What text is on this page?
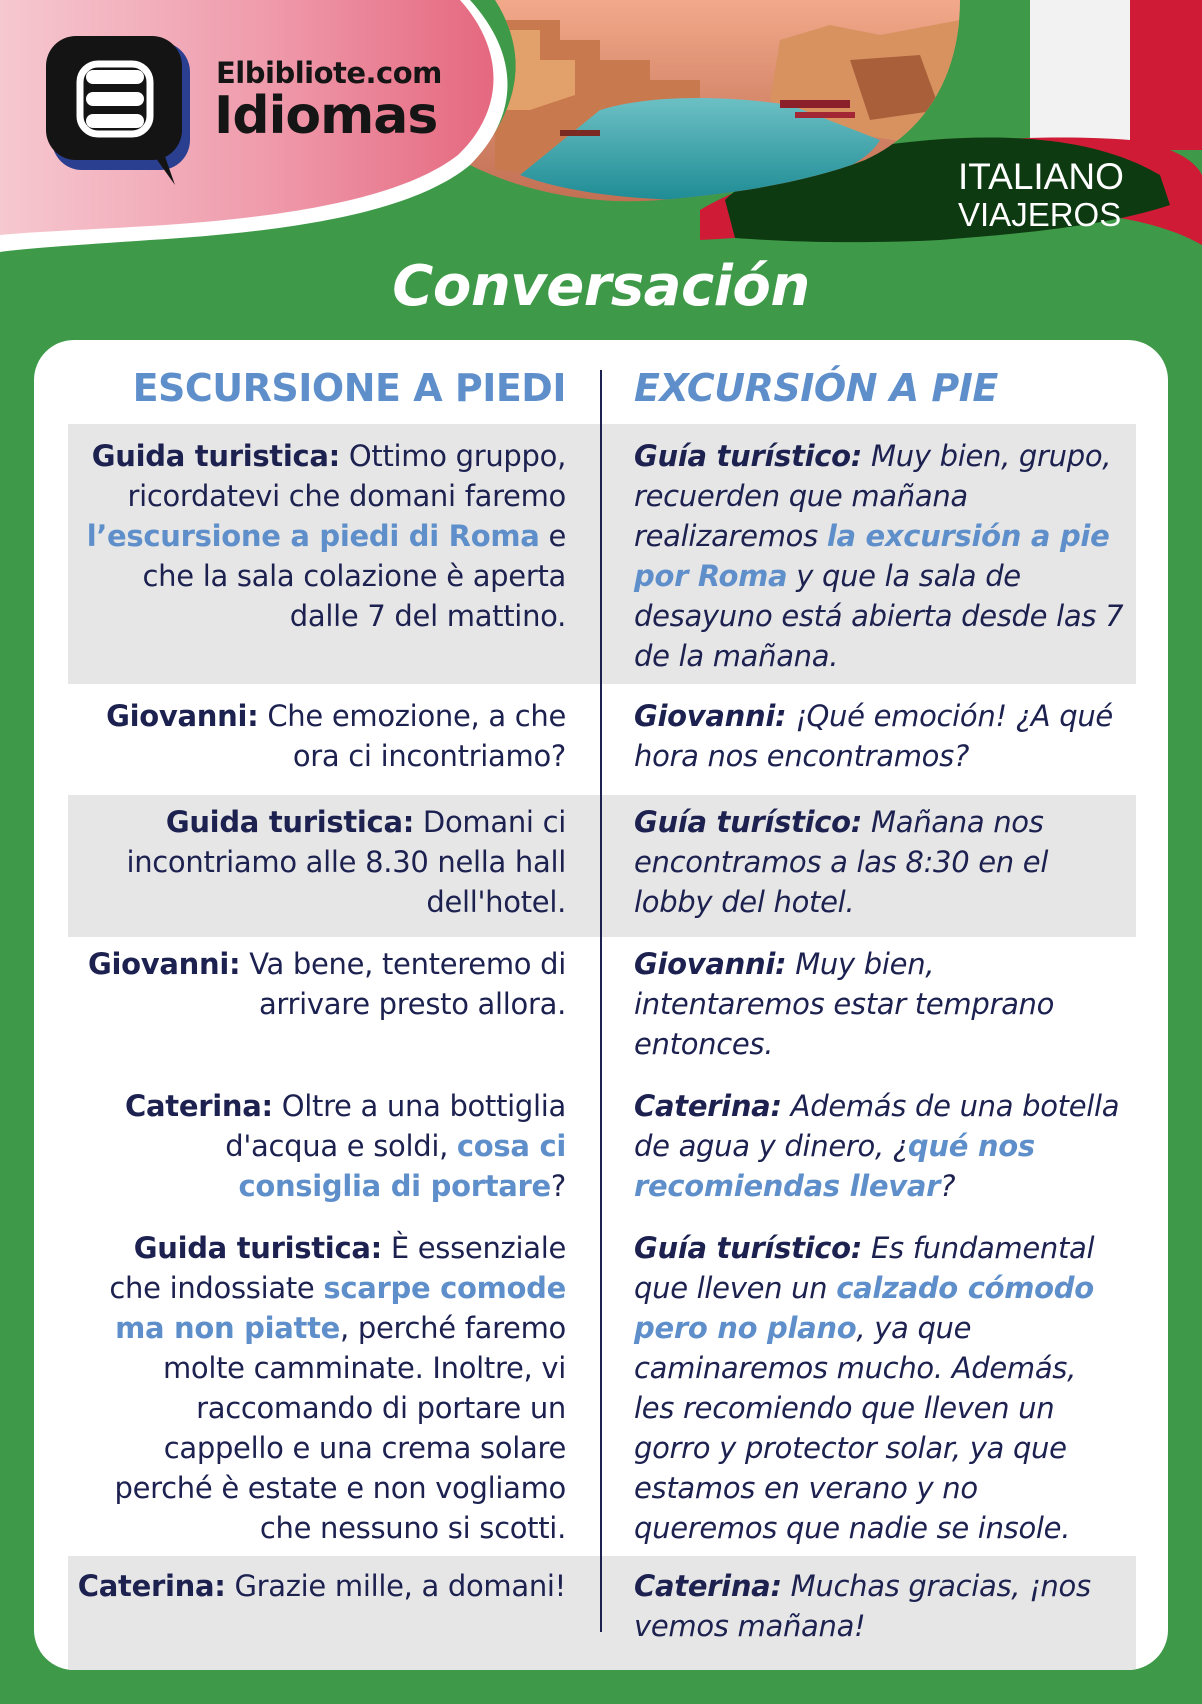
Elbibliote.com
Idiomas
ITALIANO
VIAJEROS
Conversación
ESCURSIONE A PIEDI EXCURSIÓN A PIE
Guida turistica: Ottimo gruppo, ricordatevi che domani faremo l’escursione a piedi di Roma e che la sala colazione è aperta dalle 7 del mattino.
Guía turístico: Muy bien, grupo, recuerden que mañana realizaremos la excursión a pie por Roma y que la sala de desayuno está abierta desde las 7 de la mañana.
Giovanni: Che emozione, a che ora ci incontriamo?
Giovanni: ¡Qué emoción! ¿A qué hora nos encontramos?
Guida turistica: Domani ci incontriamo alle 8.30 nella hall dell'hotel.
Guía turístico: Mañana nos encontramos a las 8:30 en el lobby del hotel.
Giovanni: Va bene, tenteremo di arrivare presto allora.
Giovanni: Muy bien, intentaremos estar temprano entonces.
Caterina: Oltre a una bottiglia d'acqua e soldi, cosa ci consiglia di portare?
Caterina: Además de una botella de agua y dinero, ¿qué nos recomiendas llevar?
Guida turistica: È essenziale che indossiate scarpe comode ma non piatte, perché faremo molte camminate. Inoltre, vi raccomando di portare un cappello e una crema solare perché è estate e non vogliamo che nessuno si scotti.
Guía turístico: Es fundamental que lleven un calzado cómodo pero no plano, ya que caminaremos mucho. Además, les recomiendo que lleven un gorro y protector solar, ya que estamos en verano y no queremos que nadie se insole.
Caterina: Grazie mille, a domani! Caterina: Muchas gracias, ¡nos vemos mañana!
